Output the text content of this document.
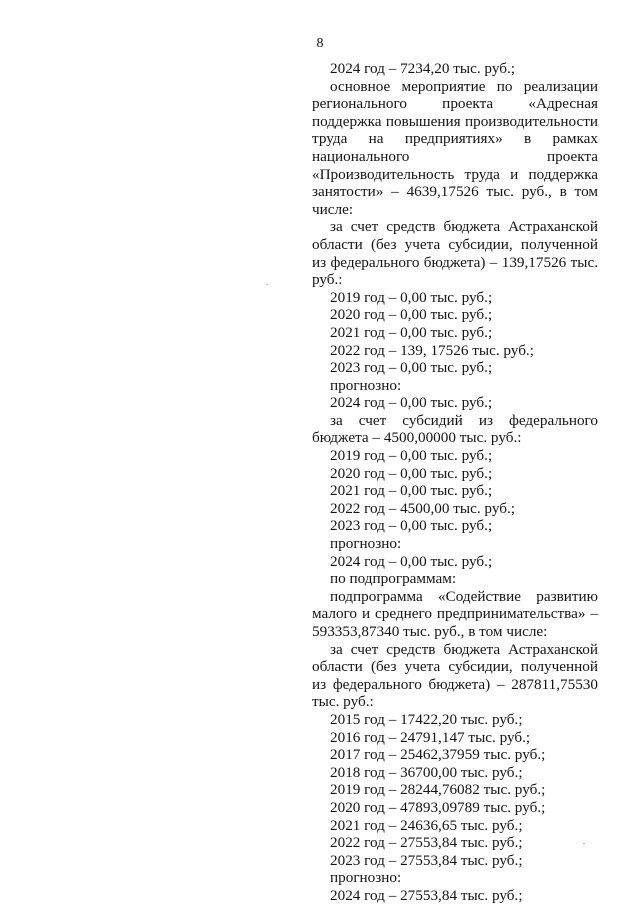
8
2024 год – 7234,20 тыс. руб.;
основное мероприятие по реализации регионального проекта «Адресная поддержка повышения производительности труда на предприятиях» в рамках национального проекта «Производительность труда и поддержка занятости» – 4639,17526 тыс. руб., в том числе:
за счет средств бюджета Астраханской области (без учета субсидии, полученной из федерального бюджета) – 139,17526 тыс. руб.:
2019 год – 0,00 тыс. руб.;
2020 год – 0,00 тыс. руб.;
2021 год – 0,00 тыс. руб.;
2022 год – 139, 17526 тыс. руб.;
2023 год – 0,00 тыс. руб.;
прогнозно:
2024 год – 0,00 тыс. руб.;
за счет субсидий из федерального бюджета – 4500,00000 тыс. руб.:
2019 год – 0,00 тыс. руб.;
2020 год – 0,00 тыс. руб.;
2021 год – 0,00 тыс. руб.;
2022 год – 4500,00 тыс. руб.;
2023 год – 0,00 тыс. руб.;
прогнозно:
2024 год – 0,00 тыс. руб.;
по подпрограммам:
подпрограмма «Содействие развитию малого и среднего предпринимательства» – 593353,87340 тыс. руб., в том числе:
за счет средств бюджета Астраханской области (без учета субсидии, полученной из федерального бюджета) – 287811,75530 тыс. руб.:
2015 год – 17422,20 тыс. руб.;
2016 год – 24791,147 тыс. руб.;
2017 год – 25462,37959 тыс. руб.;
2018 год – 36700,00 тыс. руб.;
2019 год – 28244,76082 тыс. руб.;
2020 год – 47893,09789 тыс. руб.;
2021 год – 24636,65 тыс. руб.;
2022 год – 27553,84 тыс. руб.;
2023 год – 27553,84 тыс. руб.;
прогнозно:
2024 год – 27553,84 тыс. руб.;
